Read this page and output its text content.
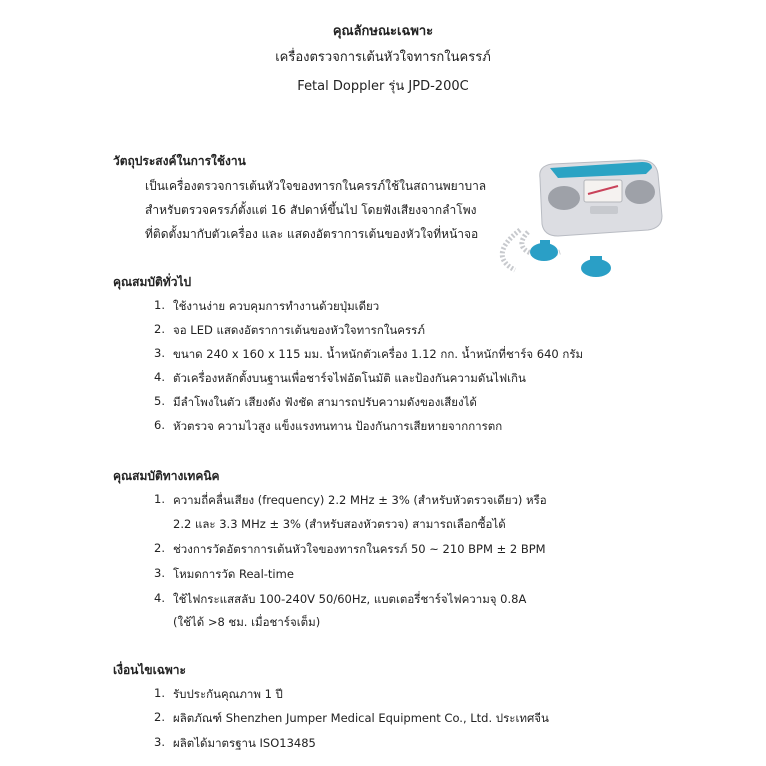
คุณลักษณะเฉพาะ
เครื่องตรวจการเต้นหัวใจทารกในครรภ์
Fetal Doppler รุ่น JPD-200C
วัตถุประสงค์ในการใช้งาน
เป็นเครื่องตรวจการเต้นหัวใจของทารกในครรภ์ใช้ในสถานพยาบาล
สำหรับตรวจครรภ์ตั้งแต่ 16 สัปดาห์ขึ้นไป โดยฟังเสียงจากลำโพง
ที่ติดตั้งมากับตัวเครื่อง และ แสดงอัตราการเต้นของหัวใจที่หน้าจอ
คุณสมบัติทั่วไป
1. ใช้งานง่าย ควบคุมการทำงานด้วยปุ่มเดียว
2. จอ LED แสดงอัตราการเต้นของหัวใจทารกในครรภ์
3. ขนาด 240 x 160 x 115 มม. น้ำหนักตัวเครื่อง 1.12 กก. น้ำหนักที่ชาร์จ 640 กรัม
4. ตัวเครื่องหลักตั้งบนฐานเพื่อชาร์จไฟอัตโนมัติ และป้องกันความดันไฟเกิน
5. มีลำโพงในตัว เสียงดัง ฟังชัด สามารถปรับความดังของเสียงได้
6. หัวตรวจ ความไวสูง แข็งแรงทนทาน ป้องกันการเสียหายจากการตก
คุณสมบัติทางเทคนิค
1. ความถี่คลื่นเสียง (frequency) 2.2 MHz ± 3% (สำหรับหัวตรวจเดียว) หรือ
2.2 และ 3.3 MHz ± 3% (สำหรับสองหัวตรวจ) สามารถเลือกซื้อได้
2. ช่วงการวัดอัตราการเต้นหัวใจของทารกในครรภ์ 50 ~ 210 BPM ± 2 BPM
3. โหมดการวัด Real-time
4. ใช้ไฟกระแสสลับ 100-240V 50/60Hz, แบตเตอรี่ชาร์จไฟความจุ 0.8A
(ใช้ได้ >8 ชม. เมื่อชาร์จเต็ม)
เงื่อนไขเฉพาะ
1. รับประกันคุณภาพ 1 ปี
2. ผลิตภัณฑ์ Shenzhen Jumper Medical Equipment Co., Ltd. ประเทศจีน
3. ผลิตได้มาตรฐาน ISO13485
